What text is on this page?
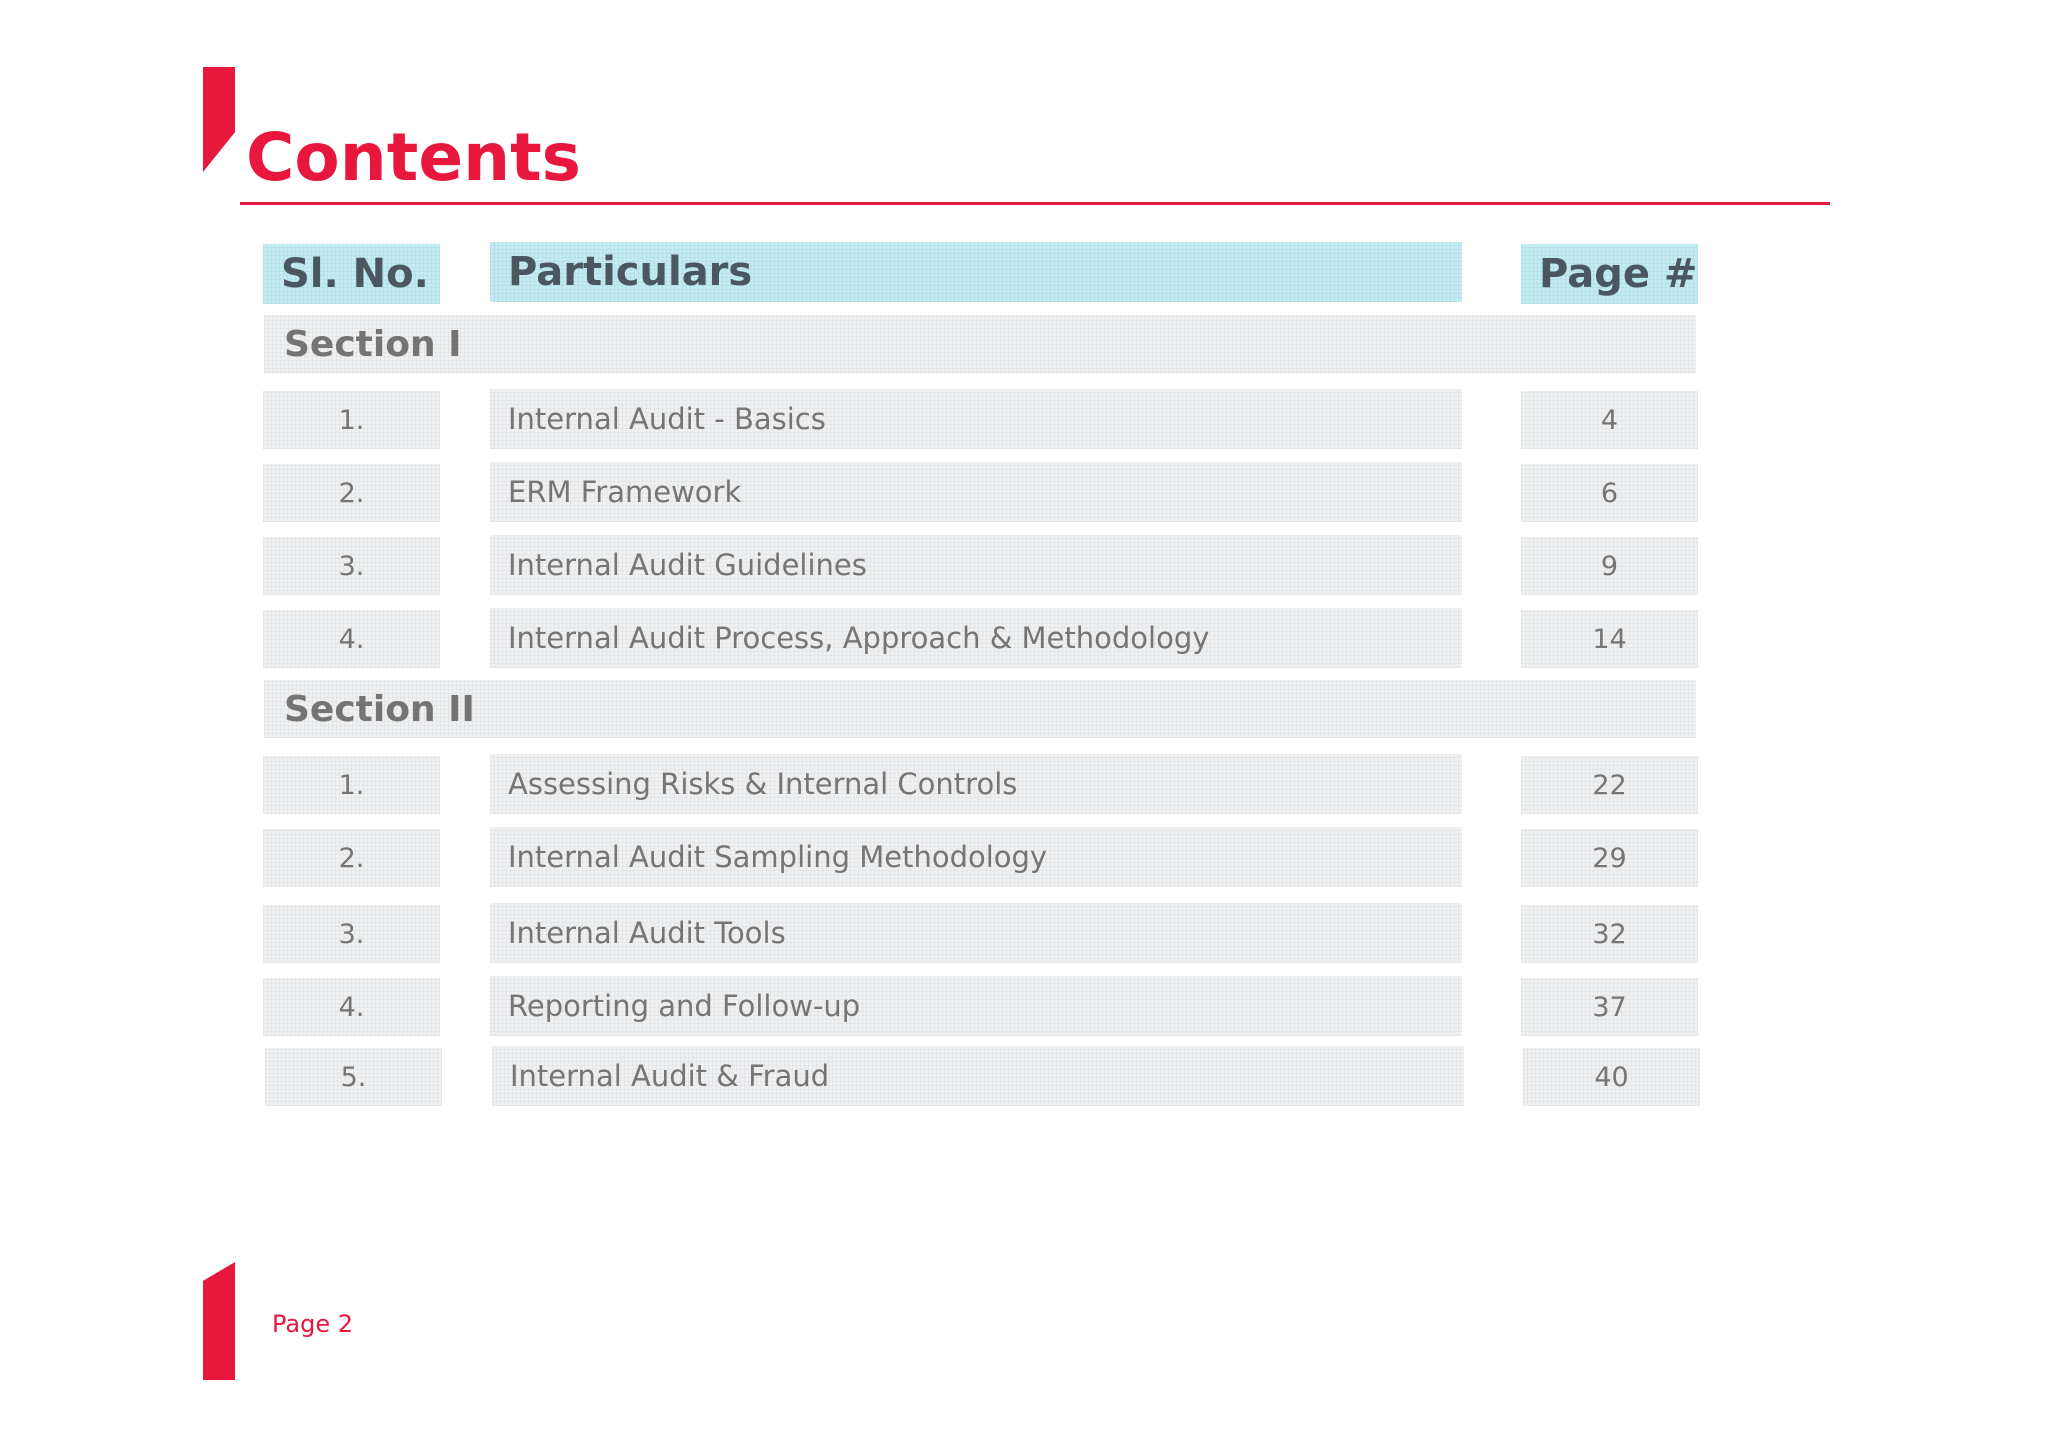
Contents
Sl. No.	Particulars	Page #
Section I
1.	Internal Audit - Basics	4
2.	ERM Framework	6
3.	Internal Audit Guidelines	9
4.	Internal Audit Process, Approach & Methodology	14
Section II
1.	Assessing Risks & Internal Controls	22
2.	Internal Audit Sampling Methodology	29
3.	Internal Audit Tools	32
4.	Reporting and Follow-up	37
5.	Internal Audit & Fraud	40
Page 2
